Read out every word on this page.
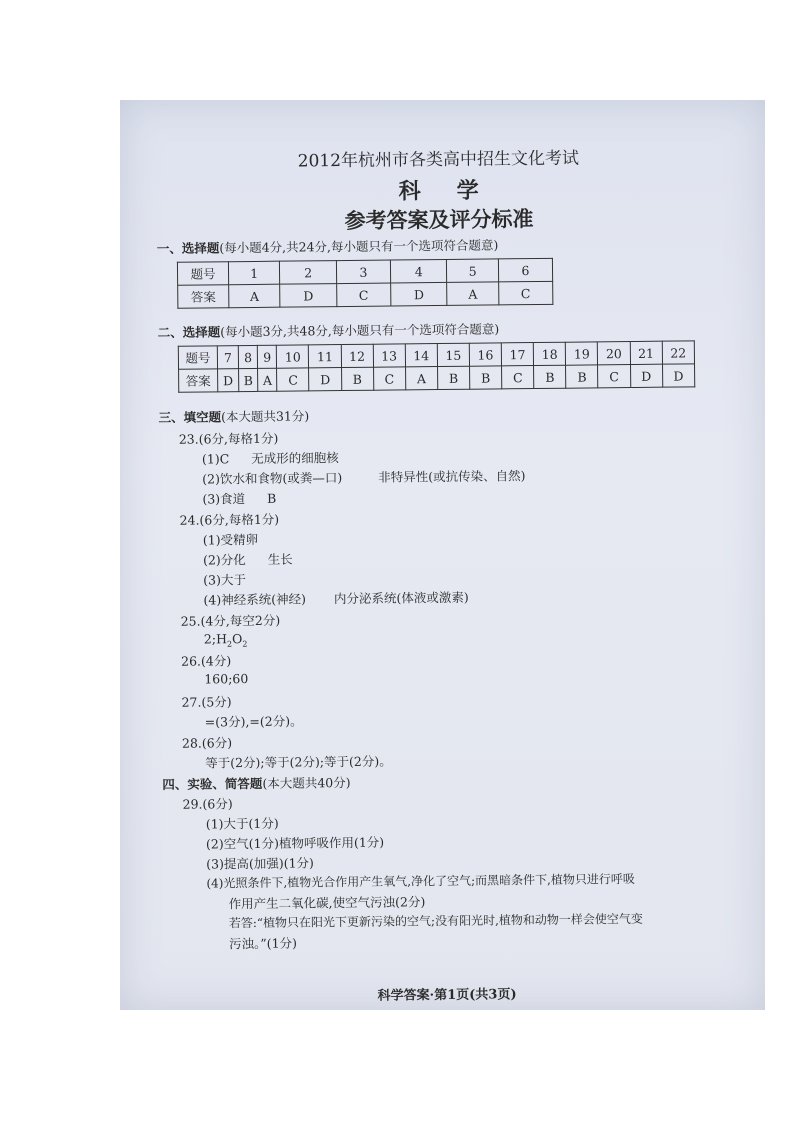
2012年杭州市各类高中招生文化考试
科学
参考答案及评分标准
一、选择题(每小题4分,共24分,每小题只有一个选项符合题意)
题号	1	2	3	4	5	6
答案	A	D	C	D	A	C
二、选择题(每小题3分,共48分,每小题只有一个选项符合题意)
题号	7	8	9	10	11	12	13	14	15	16	17	18	19	20	21	22
答案	D	B	A	C	D	B	C	A	B	B	C	B	B	C	D	D
三、填空题(本大题共31分)
23.(6分,每格1分)
(1)C 无成形的细胞核
(2)饮水和食物(或粪—口)	非特异性(或抗传染、自然)
(3)食道 B
24.(6分,每格1分)
(1)受精卵
(2)分化 生长
(3)大于
(4)神经系统(神经) 内分泌系统(体液或激素)
25.(4分,每空2分)
$2;H_2O_2$
26.(4分)
160;60
27.(5分)
=(3分),=(2分)。
28.(6分)
等于(2分);等于(2分);等于(2分)。
四、实验、简答题(本大题共40分)
29.(6分)
(1)大于(1分)
(2)空气(1分)植物呼吸作用(1分)
(3)提高(加强)(1分)
(4)光照条件下,植物光合作用产生氧气,净化了空气;而黑暗条件下,植物只进行呼吸
作用产生二氧化碳,使空气污浊(2分)
若答:“植物只在阳光下更新污染的空气;没有阳光时,植物和动物一样会使空气变
污浊。”(1分)
科学答案·第1页(共3页)
